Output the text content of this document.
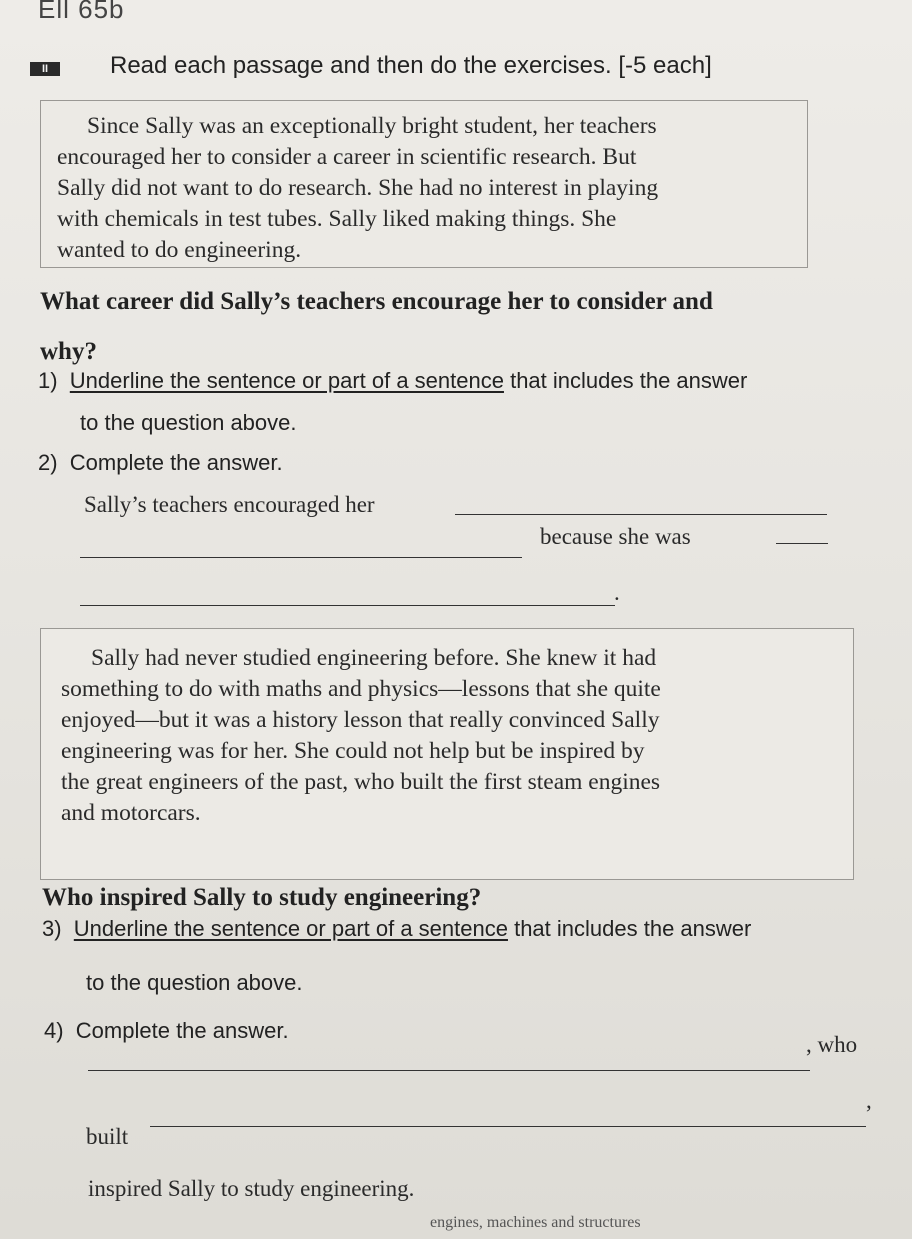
Ell 65b
II	Read each passage and then do the exercises. [-5 each]
Since Sally was an exceptionally bright student, her teachers
encouraged her to consider a career in scientific research. But
Sally did not want to do research. She had no interest in playing
with chemicals in test tubes. Sally liked making things. She
wanted to do engineering.
What career did Sally’s teachers encourage her to consider and
why?
1) Underline the sentence or part of a sentence that includes the answer
to the question above.
2) Complete the answer.
Sally’s teachers encouraged her
because she was
.
Sally had never studied engineering before. She knew it had
something to do with maths and physics—lessons that she quite
enjoyed—but it was a history lesson that really convinced Sally
engineering was for her. She could not help but be inspired by
the great engineers of the past, who built the first steam engines
and motorcars.
Who inspired Sally to study engineering?
3) Underline the sentence or part of a sentence that includes the answer
to the question above.
4) Complete the answer.
, who
built
,
inspired Sally to study engineering.
engines, machines and structures
